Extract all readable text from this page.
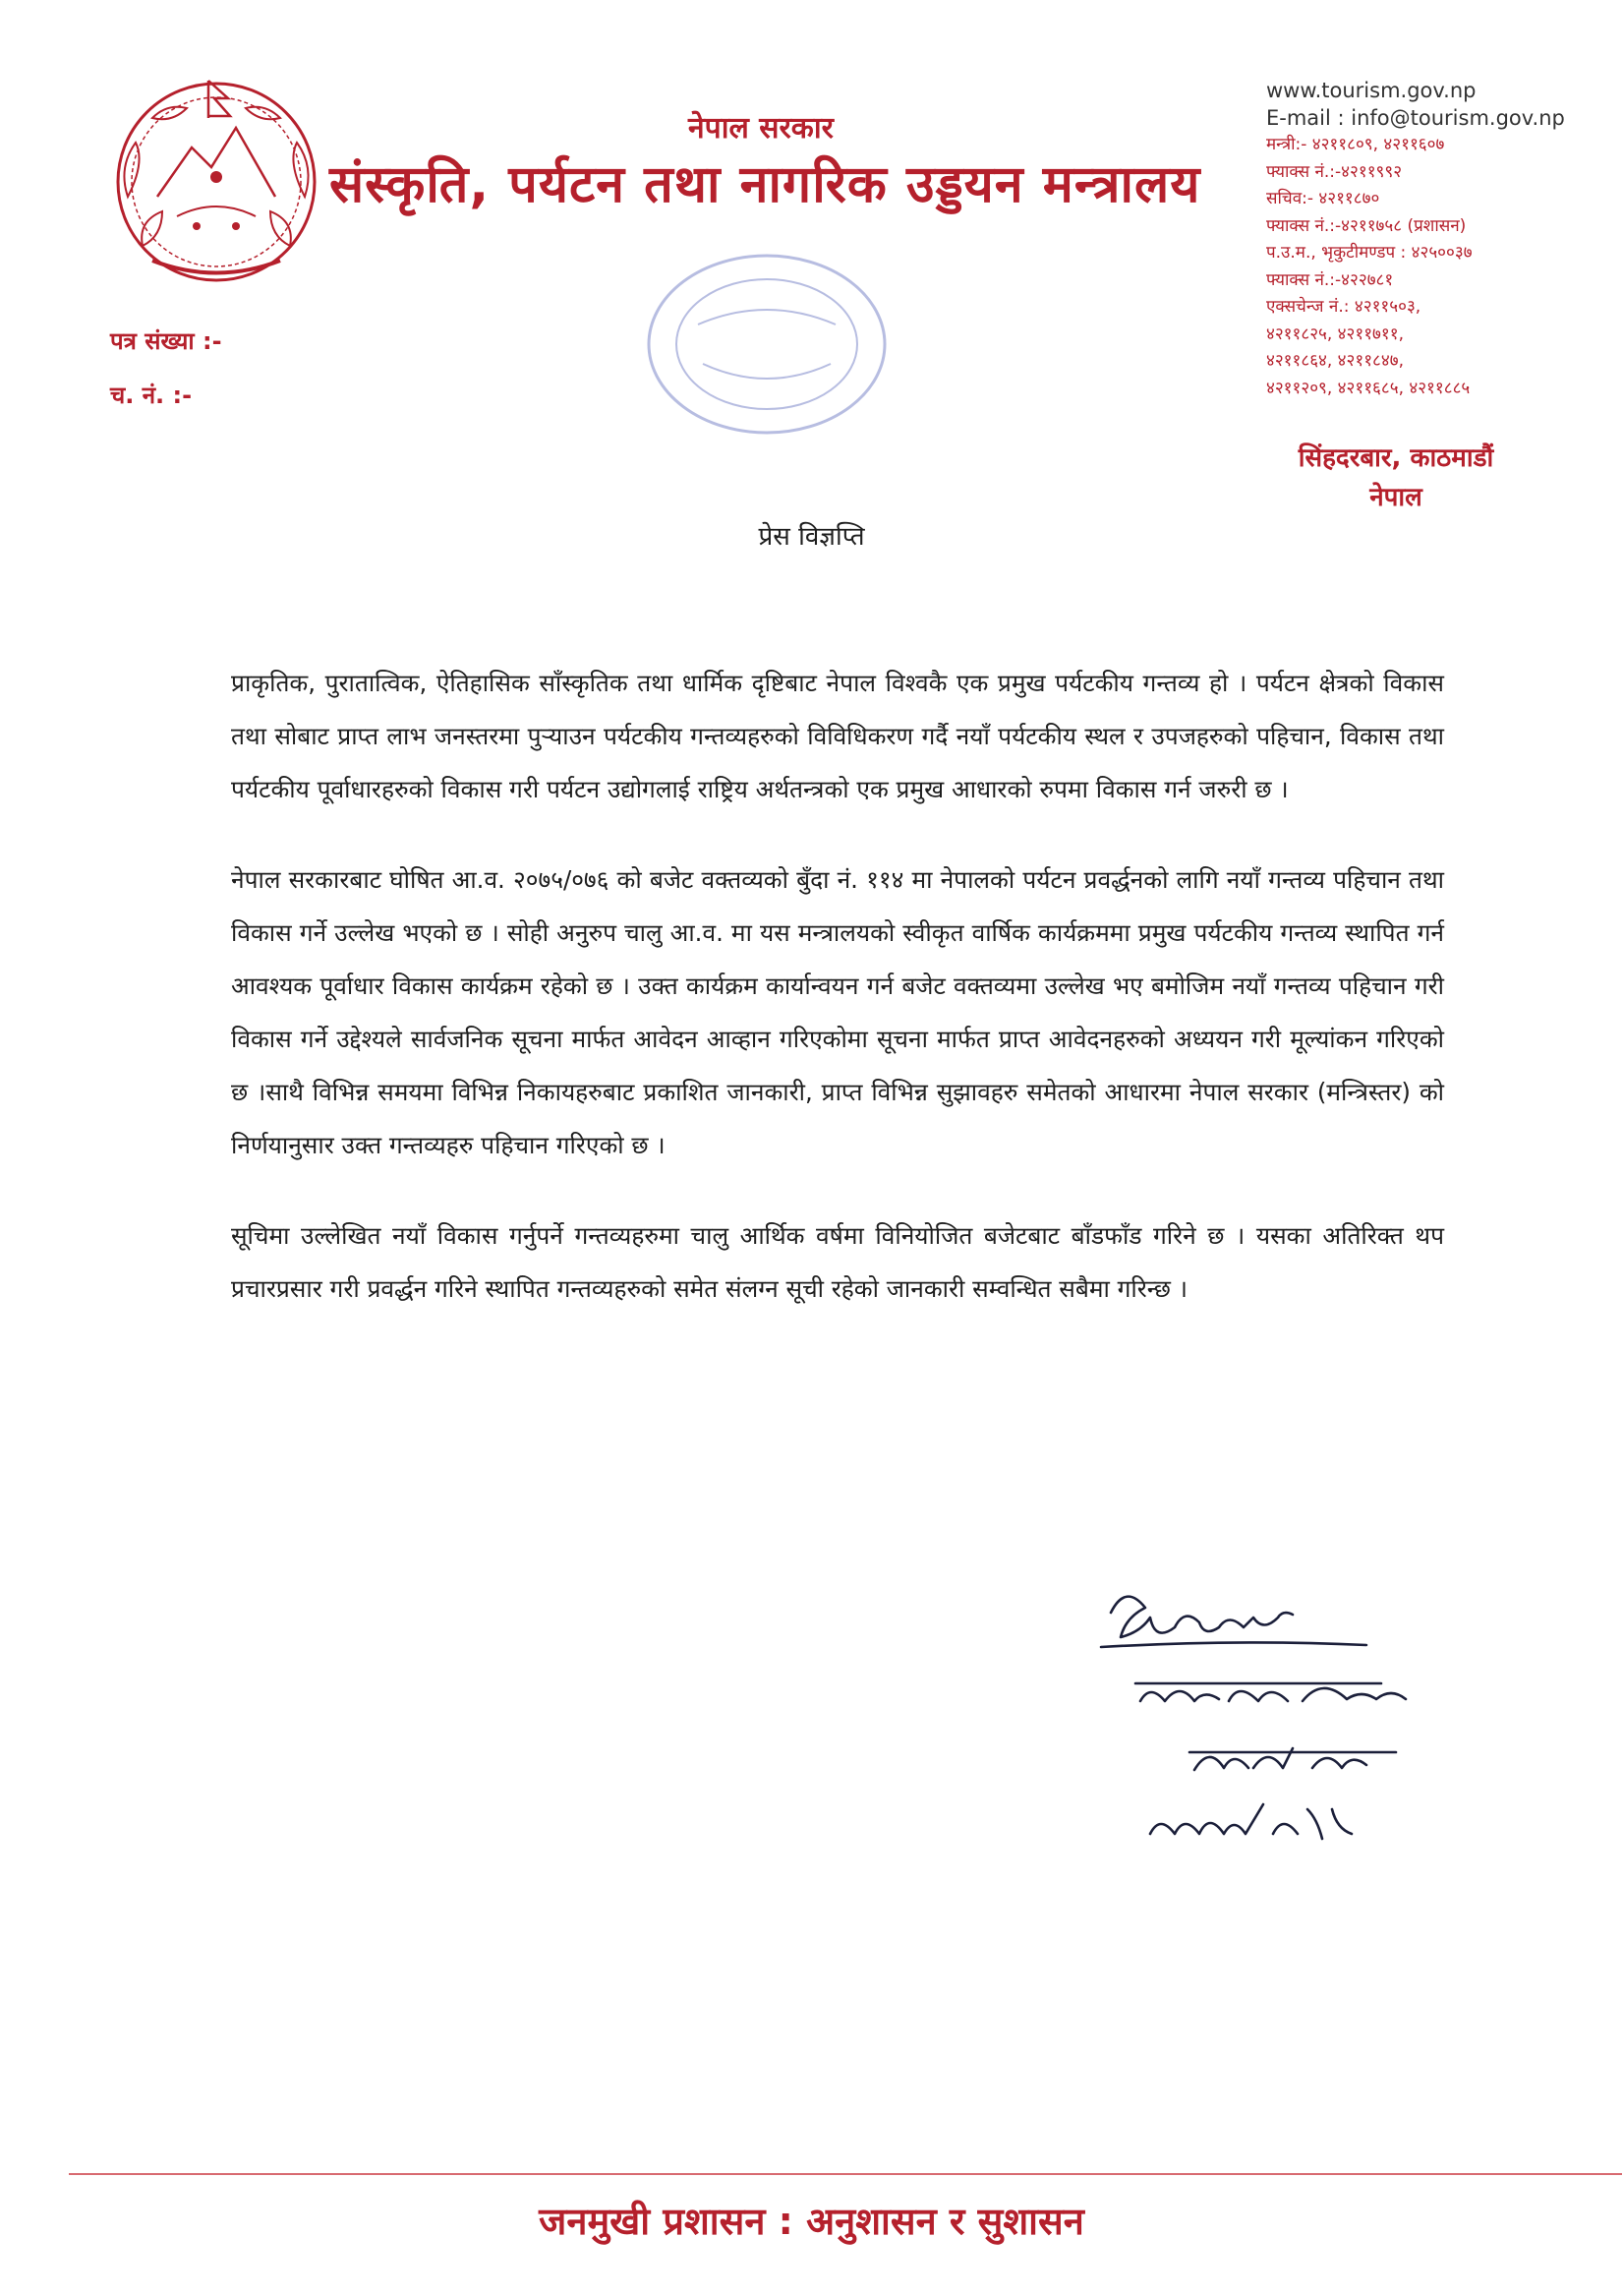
नेपाल सरकार
संस्कृति, पर्यटन तथा नागरिक उड्डयन मन्त्रालय
www.tourism.gov.np
E-mail : info@tourism.gov.np
मन्त्री:- ४२११८०९, ४२११६०७
फ्याक्स नं.:-४२११९९२
सचिव:- ४२११८७०
फ्याक्स नं.:-४२११७५८ (प्रशासन)
प.उ.म., भृकुटीमण्डप : ४२५००३७
फ्याक्स नं.:-४२२७८१
एक्सचेन्ज नं.: ४२११५०३,
४२११८२५, ४२११७११,
४२११८६४, ४२११८४७,
४२११२०९, ४२११६८५, ४२११८८५
सिंहदरबार, काठमाडौं
नेपाल
पत्र संख्या :-
च. नं. :-
प्रेस विज्ञप्ति

प्राकृतिक, पुरातात्विक, ऐतिहासिक साँस्कृतिक तथा धार्मिक दृष्टिबाट नेपाल विश्वकै एक प्रमुख पर्यटकीय गन्तव्य हो । पर्यटन क्षेत्रको विकास तथा सोबाट प्राप्त लाभ जनस्तरमा पुऱ्याउन पर्यटकीय गन्तव्यहरुको विविधिकरण गर्दै नयाँ पर्यटकीय स्थल र उपजहरुको पहिचान, विकास तथा पर्यटकीय पूर्वाधारहरुको विकास गरी पर्यटन उद्योगलाई राष्ट्रिय अर्थतन्त्रको एक प्रमुख आधारको रुपमा विकास गर्न जरुरी छ ।

नेपाल सरकारबाट घोषित आ.व. २०७५/०७६ को बजेट वक्तव्यको बुँदा नं. ११४ मा नेपालको पर्यटन प्रवर्द्धनको लागि नयाँ गन्तव्य पहिचान तथा विकास गर्ने उल्लेख भएको छ । सोही अनुरुप चालु आ.व. मा यस मन्त्रालयको स्वीकृत वार्षिक कार्यक्रममा प्रमुख पर्यटकीय गन्तव्य स्थापित गर्न आवश्यक पूर्वाधार विकास कार्यक्रम रहेको छ । उक्त कार्यक्रम कार्यान्वयन गर्न बजेट वक्तव्यमा उल्लेख भए बमोजिम नयाँ गन्तव्य पहिचान गरी विकास गर्ने उद्देश्यले सार्वजनिक सूचना मार्फत आवेदन आव्हान गरिएकोमा सूचना मार्फत प्राप्त आवेदनहरुको अध्ययन गरी मूल्यांकन गरिएको छ ।साथै विभिन्न समयमा विभिन्न निकायहरुबाट प्रकाशित जानकारी, प्राप्त विभिन्न सुझावहरु समेतको आधारमा नेपाल सरकार (मन्त्रिस्तर) को निर्णयानुसार उक्त गन्तव्यहरु पहिचान गरिएको छ ।

सूचिमा उल्लेखित नयाँ विकास गर्नुपर्ने गन्तव्यहरुमा चालु आर्थिक वर्षमा विनियोजित बजेटबाट बाँडफाँड गरिने छ । यसका अतिरिक्त थप प्रचारप्रसार गरी प्रवर्द्धन गरिने स्थापित गन्तव्यहरुको समेत संलग्न सूची रहेको जानकारी सम्वन्धित सबैमा गरिन्छ ।

जनमुखी प्रशासन : अनुशासन र सुशासन
